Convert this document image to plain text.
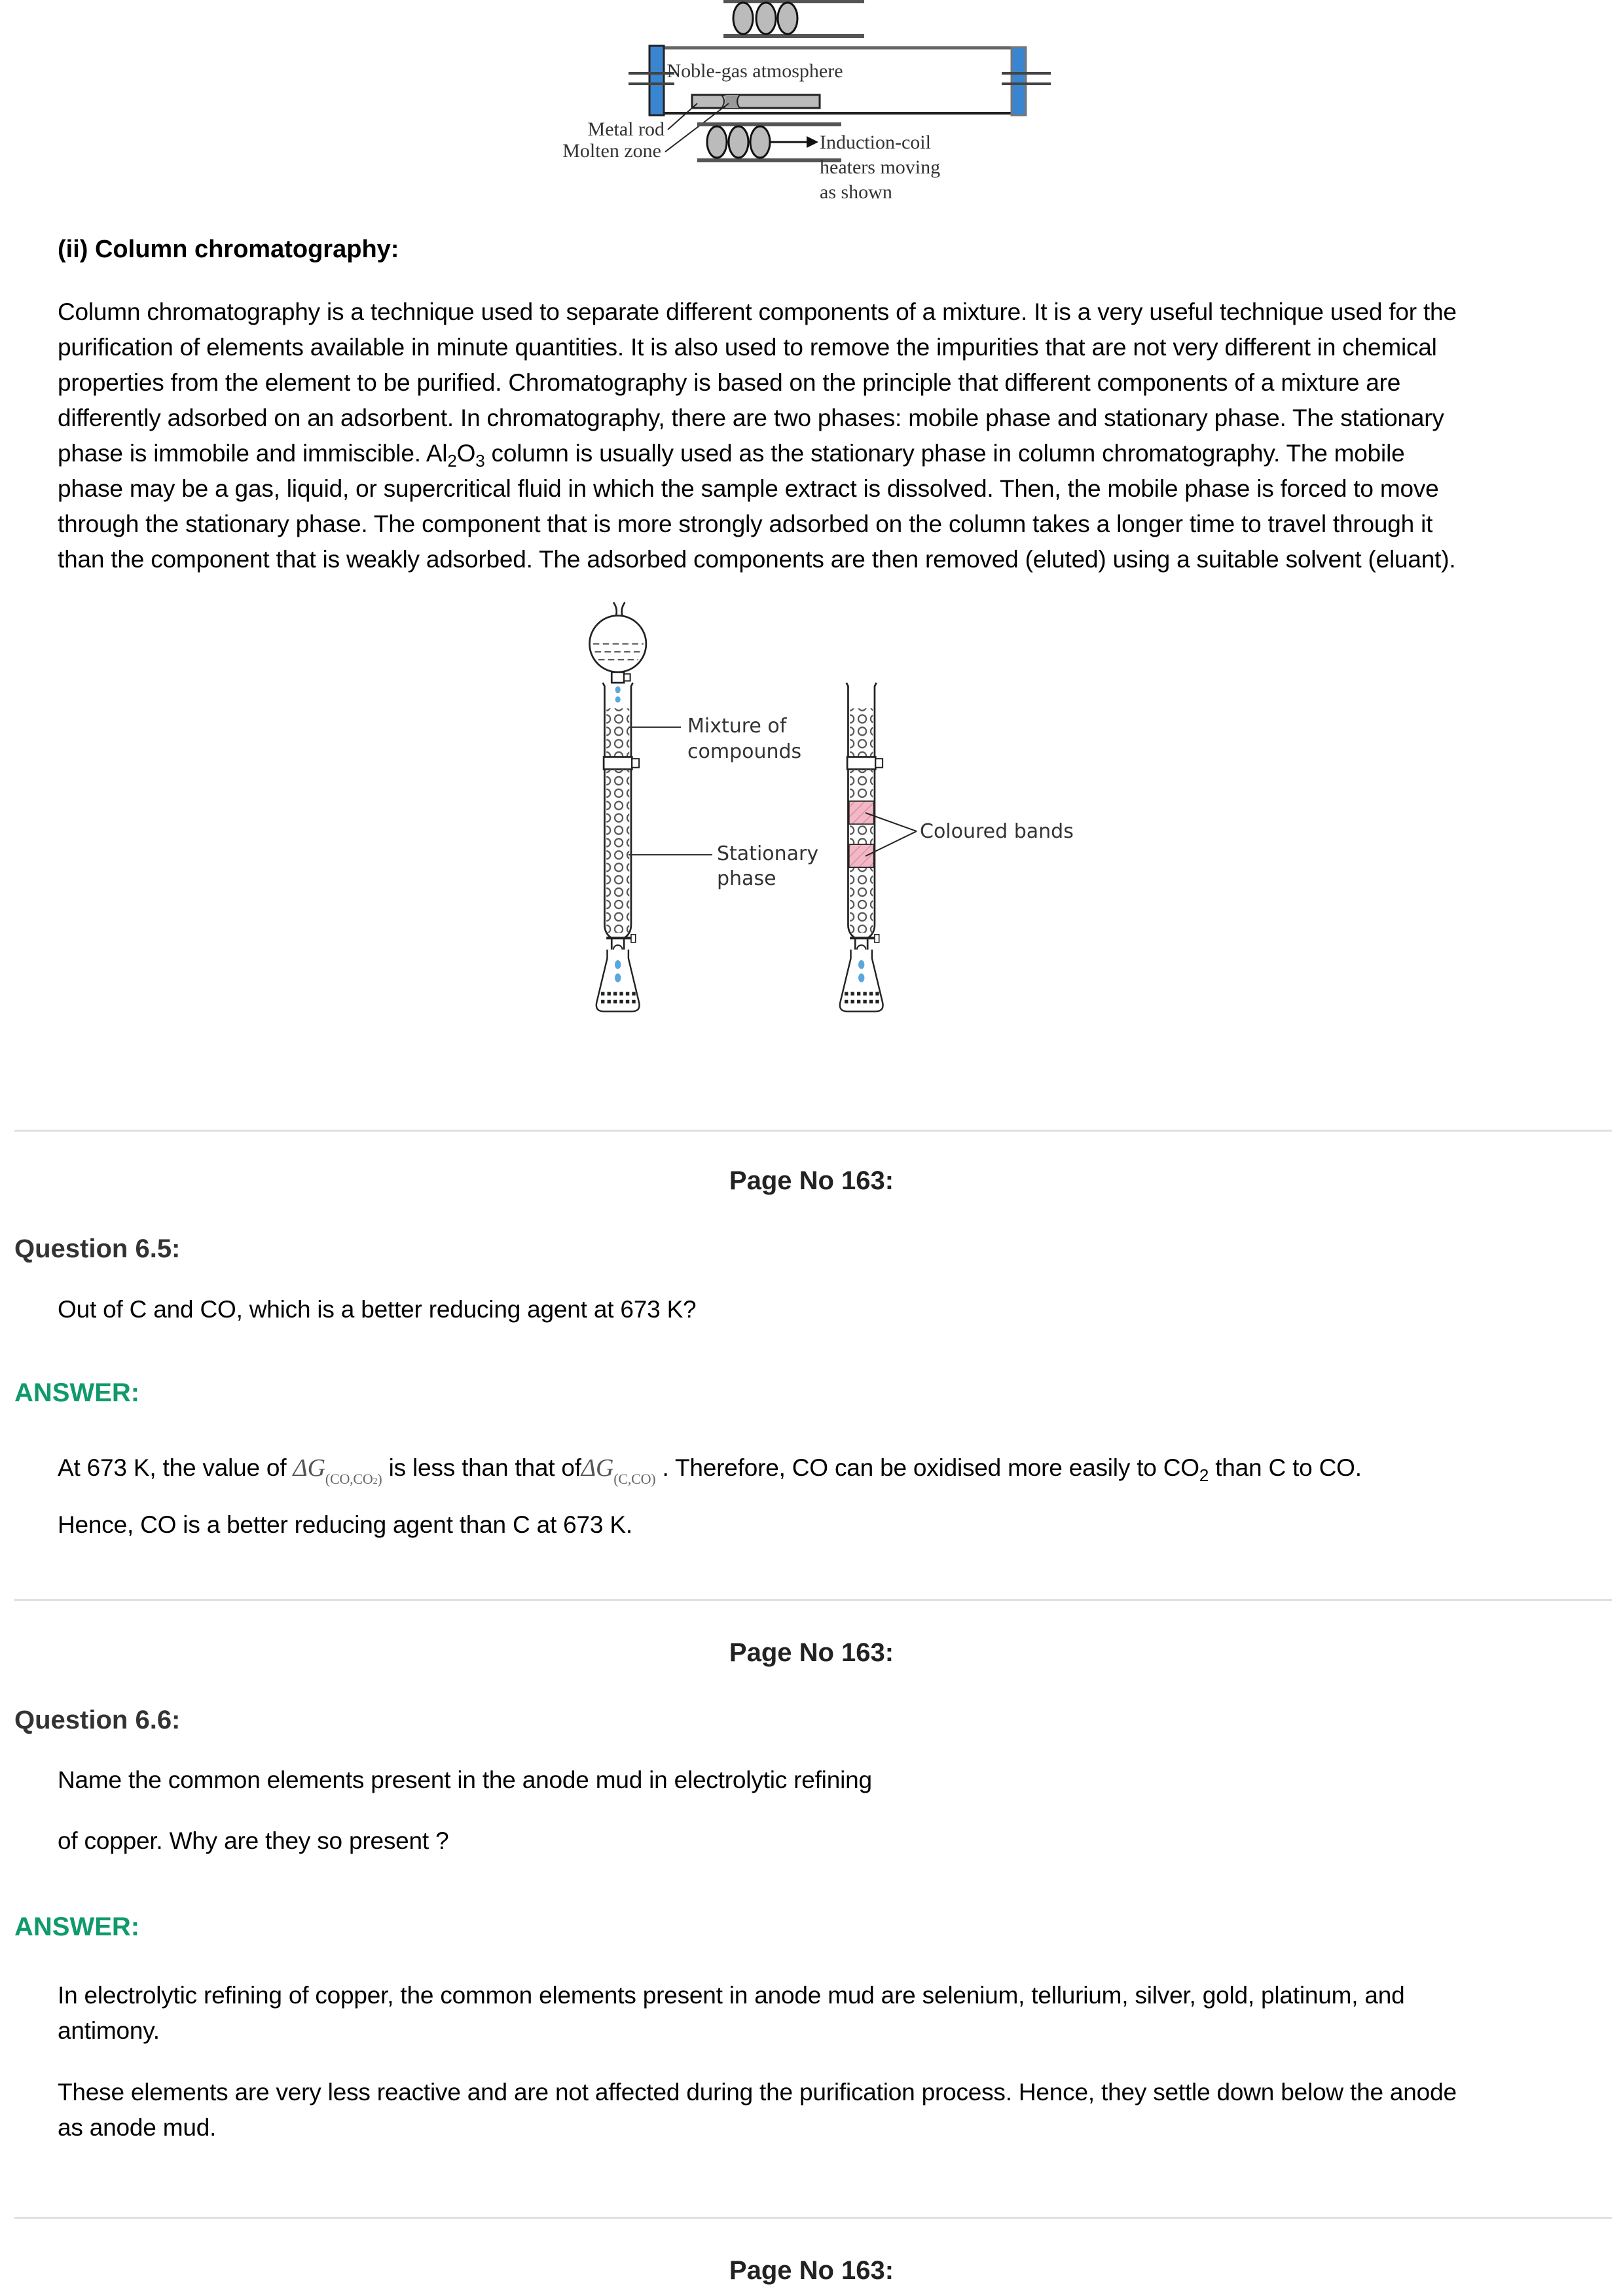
Noble-gas atmosphere
Metal rod
Molten zone	Induction-coil
heaters moving
as shown
(ii) Column chromatography:
Column chromatography is a technique used to separate different components of a mixture. It is a very useful technique used for the
purification of elements available in minute quantities. It is also used to remove the impurities that are not very different in chemical
properties from the element to be purified. Chromatography is based on the principle that different components of a mixture are
differently adsorbed on an adsorbent. In chromatography, there are two phases: mobile phase and stationary phase. The stationary
phase is immobile and immiscible. $Al_2O_3$ column is usually used as the stationary phase in column chromatography. The mobile
phase may be a gas, liquid, or supercritical fluid in which the sample extract is dissolved. Then, the mobile phase is forced to move
through the stationary phase. The component that is more strongly adsorbed on the column takes a longer time to travel through it
than the component that is weakly adsorbed. The adsorbed components are then removed (eluted) using a suitable solvent (eluant).
Mixture of
compounds
Stationary
phase
Coloured bands
Page No 163:
Question 6.5:
Out of C and CO, which is a better reducing agent at 673 K?
ANSWER:
At 673 K, the value of $\Delta G_{(CO,CO2)}$ is less than that ofΔG$_{(C,CO)}$ . Therefore, CO can be oxidised more easily to $CO_2$ than C to CO.
Hence, CO is a better reducing agent than C at 673 K.
Page No 163:
Question 6.6:
Name the common elements present in the anode mud in electrolytic refining
of copper. Why are they so present ?
ANSWER:
In electrolytic refining of copper, the common elements present in anode mud are selenium, tellurium, silver, gold, platinum, and
antimony.
These elements are very less reactive and are not affected during the purification process. Hence, they settle down below the anode
as anode mud.
Page No 163:
